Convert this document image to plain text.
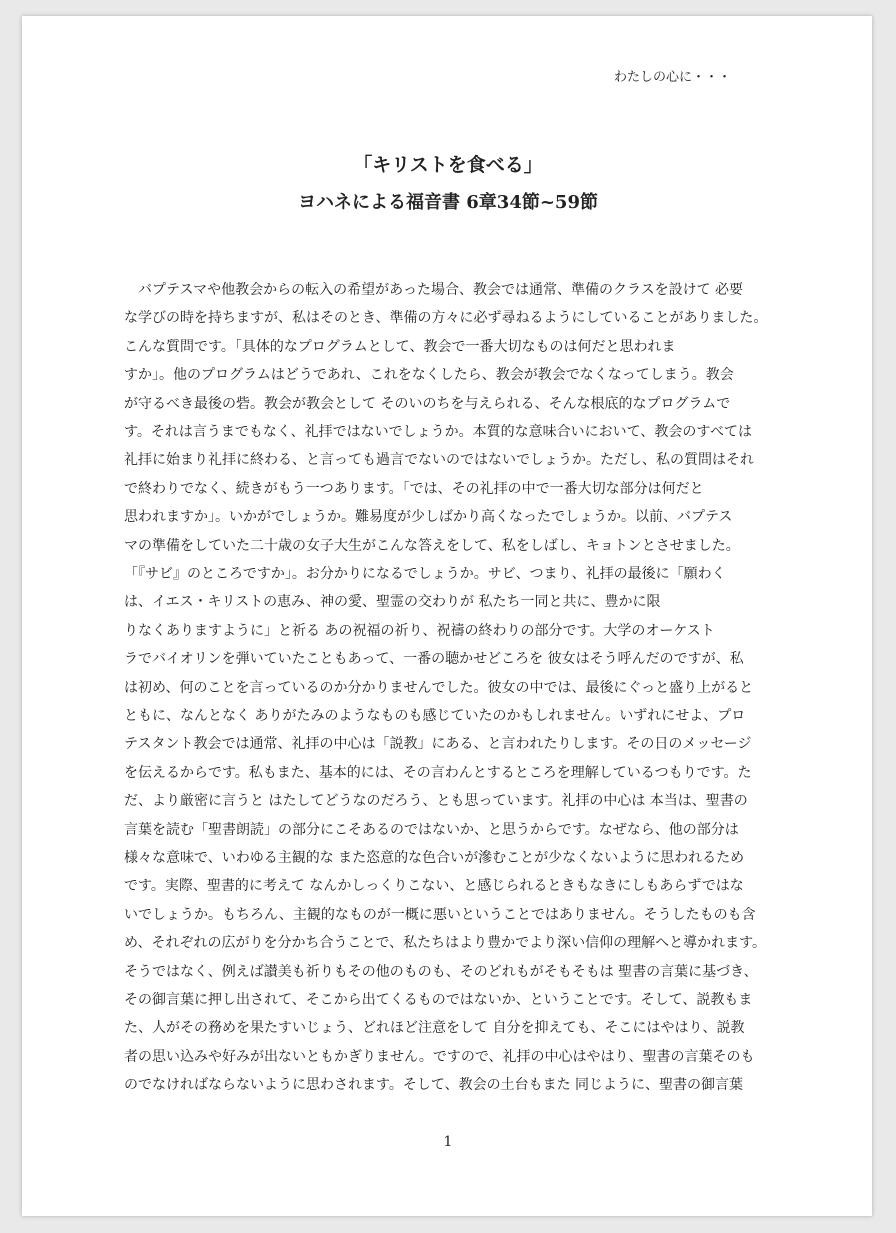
わたしの心に・・・
「キリストを食べる」
ヨハネによる福音書 6章34節~59節
バプテスマや他教会からの転入の希望があった場合、教会では通常、準備のクラスを設けて 必要
な学びの時を持ちますが、私はそのとき、準備の方々に必ず尋ねるようにしていることがありました。
こんな質問です。「具体的なプログラムとして、教会で一番大切なものは何だと思われま
すか」。他のプログラムはどうであれ、これをなくしたら、教会が教会でなくなってしまう。教会
が守るべき最後の砦。教会が教会として そのいのちを与えられる、そんな根底的なプログラムで
す。それは言うまでもなく、礼拝ではないでしょうか。本質的な意味合いにおいて、教会のすべては
礼拝に始まり礼拝に終わる、と言っても過言でないのではないでしょうか。ただし、私の質問はそれ
で終わりでなく、続きがもう一つあります。「では、その礼拝の中で一番大切な部分は何だと
思われますか」。いかがでしょうか。難易度が少しばかり高くなったでしょうか。以前、バプテス
マの準備をしていた二十歳の女子大生がこんな答えをして、私をしばし、キョトンとさせました。
「『サビ』のところですか」。お分かりになるでしょうか。サビ、つまり、礼拝の最後に「願わく
は、イエス・キリストの恵み、神の愛、聖霊の交わりが 私たち一同と共に、豊かに限
りなくありますように」と祈る あの祝福の祈り、祝禱の終わりの部分です。大学のオーケスト
ラでバイオリンを弾いていたこともあって、一番の聴かせどころを 彼女はそう呼んだのですが、私
は初め、何のことを言っているのか分かりませんでした。彼女の中では、最後にぐっと盛り上がると
ともに、なんとなく ありがたみのようなものも感じていたのかもしれません。いずれにせよ、プロ
テスタント教会では通常、礼拝の中心は「説教」にある、と言われたりします。その日のメッセージ
を伝えるからです。私もまた、基本的には、その言わんとするところを理解しているつもりです。た
だ、より厳密に言うと はたしてどうなのだろう、とも思っています。礼拝の中心は 本当は、聖書の
言葉を読む「聖書朗読」の部分にこそあるのではないか、と思うからです。なぜなら、他の部分は
様々な意味で、いわゆる主観的な また恣意的な色合いが滲むことが少なくないように思われるため
です。実際、聖書的に考えて なんかしっくりこない、と感じられるときもなきにしもあらずではな
いでしょうか。もちろん、主観的なものが一概に悪いということではありません。そうしたものも含
め、それぞれの広がりを分かち合うことで、私たちはより豊かでより深い信仰の理解へと導かれます。
そうではなく、例えば讃美も祈りもその他のものも、そのどれもがそもそもは 聖書の言葉に基づき、
その御言葉に押し出されて、そこから出てくるものではないか、ということです。そして、説教もま
た、人がその務めを果たすいじょう、どれほど注意をして 自分を抑えても、そこにはやはり、説教
者の思い込みや好みが出ないともかぎりません。ですので、礼拝の中心はやはり、聖書の言葉そのも
のでなければならないように思わされます。そして、教会の土台もまた 同じように、聖書の御言葉
1
